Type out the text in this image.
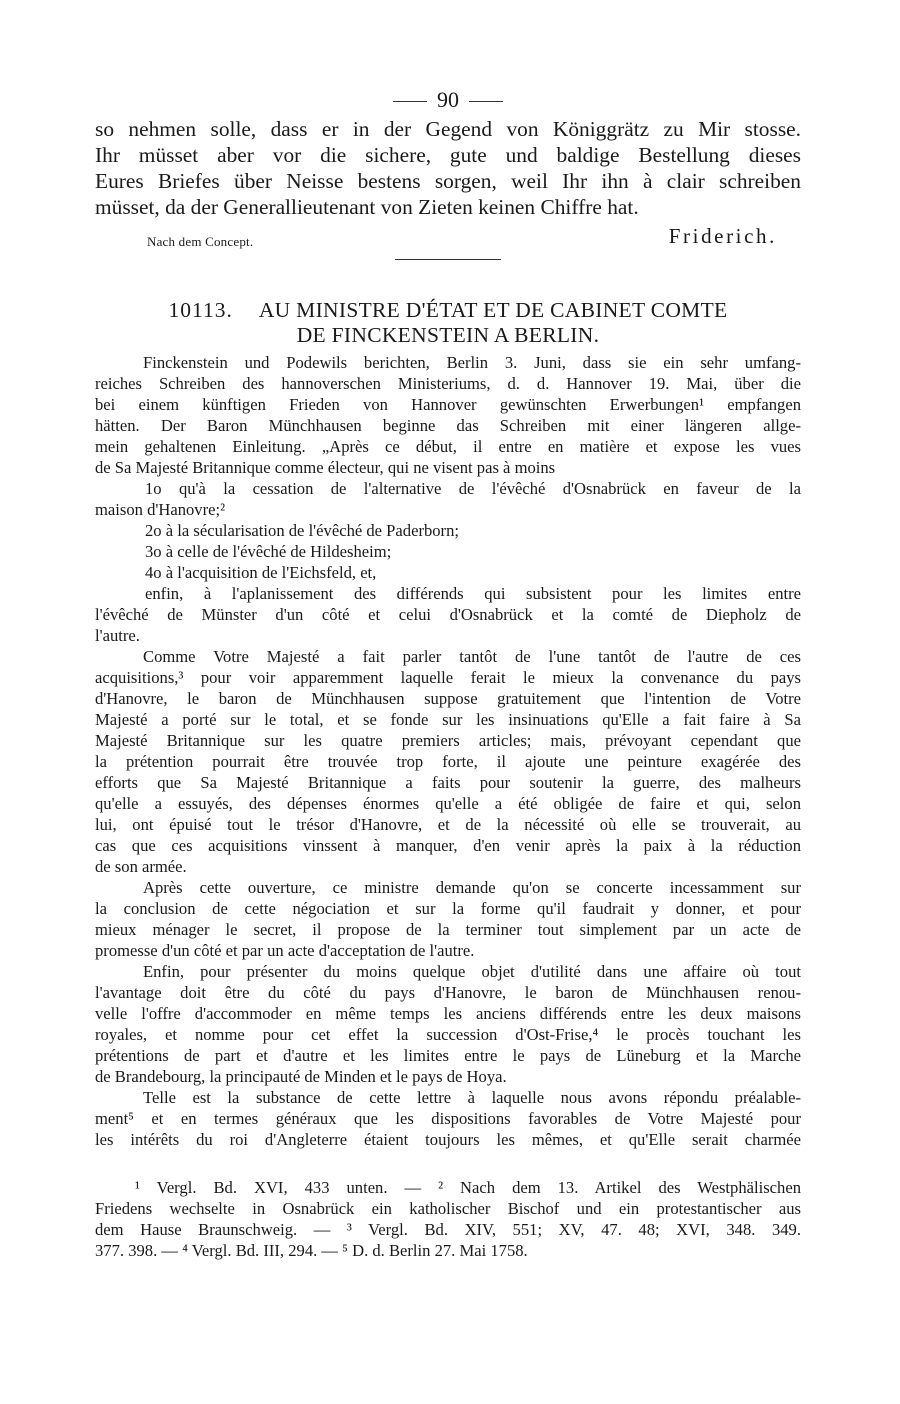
90
so nehmen solle, dass er in der Gegend von Königgrätz zu Mir stosse.
Ihr müsset aber vor die sichere, gute und baldige Bestellung dieses
Eures Briefes über Neisse bestens sorgen, weil Ihr ihn à clair schreiben
müsset, da der Generallieutenant von Zieten keinen Chiffre hat.
Nach dem Concept.	Friderich.
10113. AU MINISTRE D'ÉTAT ET DE CABINET COMTE
DE FINCKENSTEIN A BERLIN.
Finckenstein und Podewils berichten, Berlin 3. Juni, dass sie ein sehr umfang-
reiches Schreiben des hannoverschen Ministeriums, d. d. Hannover 19. Mai, über die
bei einem künftigen Frieden von Hannover gewünschten Erwerbungen¹ empfangen
hätten. Der Baron Münchhausen beginne das Schreiben mit einer längeren allge-
mein gehaltenen Einleitung. „Après ce début, il entre en matière et expose les vues
de Sa Majesté Britannique comme électeur, qui ne visent pas à moins
1o qu'à la cessation de l'alternative de l'évêché d'Osnabrück en faveur de la
maison d'Hanovre;²
2o à la sécularisation de l'évêché de Paderborn;
3o à celle de l'évêché de Hildesheim;
4o à l'acquisition de l'Eichsfeld, et,
enfin, à l'aplanissement des différends qui subsistent pour les limites entre
l'évêché de Münster d'un côté et celui d'Osnabrück et la comté de Diepholz de
l'autre.
Comme Votre Majesté a fait parler tantôt de l'une tantôt de l'autre de ces
acquisitions,³ pour voir apparemment laquelle ferait le mieux la convenance du pays
d'Hanovre, le baron de Münchhausen suppose gratuitement que l'intention de Votre
Majesté a porté sur le total, et se fonde sur les insinuations qu'Elle a fait faire à Sa
Majesté Britannique sur les quatre premiers articles; mais, prévoyant cependant que
la prétention pourrait être trouvée trop forte, il ajoute une peinture exagérée des
efforts que Sa Majesté Britannique a faits pour soutenir la guerre, des malheurs
qu'elle a essuyés, des dépenses énormes qu'elle a été obligée de faire et qui, selon
lui, ont épuisé tout le trésor d'Hanovre, et de la nécessité où elle se trouverait, au
cas que ces acquisitions vinssent à manquer, d'en venir après la paix à la réduction
de son armée.
Après cette ouverture, ce ministre demande qu'on se concerte incessamment sur
la conclusion de cette négociation et sur la forme qu'il faudrait y donner, et pour
mieux ménager le secret, il propose de la terminer tout simplement par un acte de
promesse d'un côté et par un acte d'acceptation de l'autre.
Enfin, pour présenter du moins quelque objet d'utilité dans une affaire où tout
l'avantage doit être du côté du pays d'Hanovre, le baron de Münchhausen renou-
velle l'offre d'accommoder en même temps les anciens différends entre les deux maisons
royales, et nomme pour cet effet la succession d'Ost-Frise,⁴ le procès touchant les
prétentions de part et d'autre et les limites entre le pays de Lüneburg et la Marche
de Brandebourg, la principauté de Minden et le pays de Hoya.
Telle est la substance de cette lettre à laquelle nous avons répondu préalable-
ment⁵ et en termes généraux que les dispositions favorables de Votre Majesté pour
les intérêts du roi d'Angleterre étaient toujours les mêmes, et qu'Elle serait charmée
¹ Vergl. Bd. XVI, 433 unten. — ² Nach dem 13. Artikel des Westphälischen
Friedens wechselte in Osnabrück ein katholischer Bischof und ein protestantischer aus
dem Hause Braunschweig. — ³ Vergl. Bd. XIV, 551; XV, 47. 48; XVI, 348. 349.
377. 398. — ⁴ Vergl. Bd. III, 294. — ⁵ D. d. Berlin 27. Mai 1758.
